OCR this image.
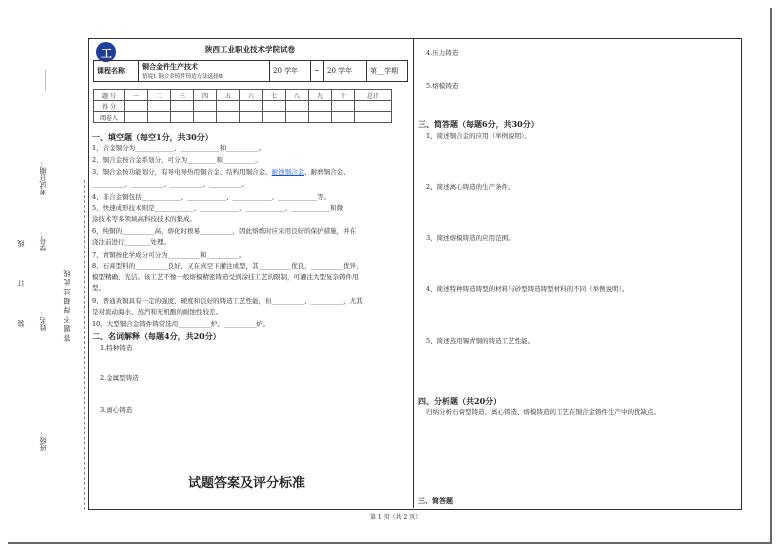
考试日期：
______
线 学号：
订
姓名：
装
班级：
答 题 不 得 超 过 此 线
工	陕西工业职业技术学院试卷
课程名称	铜合金件生产技术
情境1 铜合金铸件铸造方法选择B
	20 学年	~	20 学年	第__学期
题 号	一	二	三	四	五	六	七	八	九	十	总计
得 分											
阅卷人											
一、填空题（每空1分，共30分）
1、合金铜分为____________、____________和__________。
2、铜合金按合金系划分，可分为_________和__________。
3、铜合金按功能划分，有导电导热用铜合金、结构用铜合金、耐蚀铜合金、耐磨铜合金、
__________、__________、__________、__________。
4、非合金铜包括____________、____________、____________、____________等。
5、快速成形技术则是____________、____________、____________、____________和微
涂技术等多领域高科技技术的集成。
6、纯铜的__________高，熔化时极易__________，因此熔炼时应采用良好的保护措施，并在
浇注前进行________处理。
7、青铜按化学成分可分为__________和__________。
8、石膏型料的__________良好，又在真空下灌注成型，其__________优良，__________优异，
模型精确、光洁。该工艺不像一般熔模精密铸造受到涂挂工艺的限制，可灌注大型复杂铸件用
型。
9、普通黄铜具有一定的强度、硬度和良好的铸造工艺性能，但__________、__________，尤其
是对流动海水、蒸汽和无机酸的耐蚀性较差。
10、大型铜合金铸件铸常选用__________炉、__________炉。
二、名词解释（每题4分，共20分）
1.特种铸造
2.金属型铸造
3.离心铸造
试题答案及评分标准
4.压力铸造
5.熔模铸造
三、简答题（每题6分，共30分）
1、简述铜合金的应用（举例说明）。
2、简述离心铸造的生产条件。
3、简述熔模铸造的应用范围。
4、简述特种铸造铸型的材料与砂型铸造铸型材料的不同（举例说明）。
5、简述蒸用锡青铜的铸造工艺性能。
四、分析题（共20分）
归纳分析石膏型铸造、离心铸造、熔模铸造的工艺在铜合金铸件生产中的优缺点。
三、简答题
第 1 页（共 2 页）
